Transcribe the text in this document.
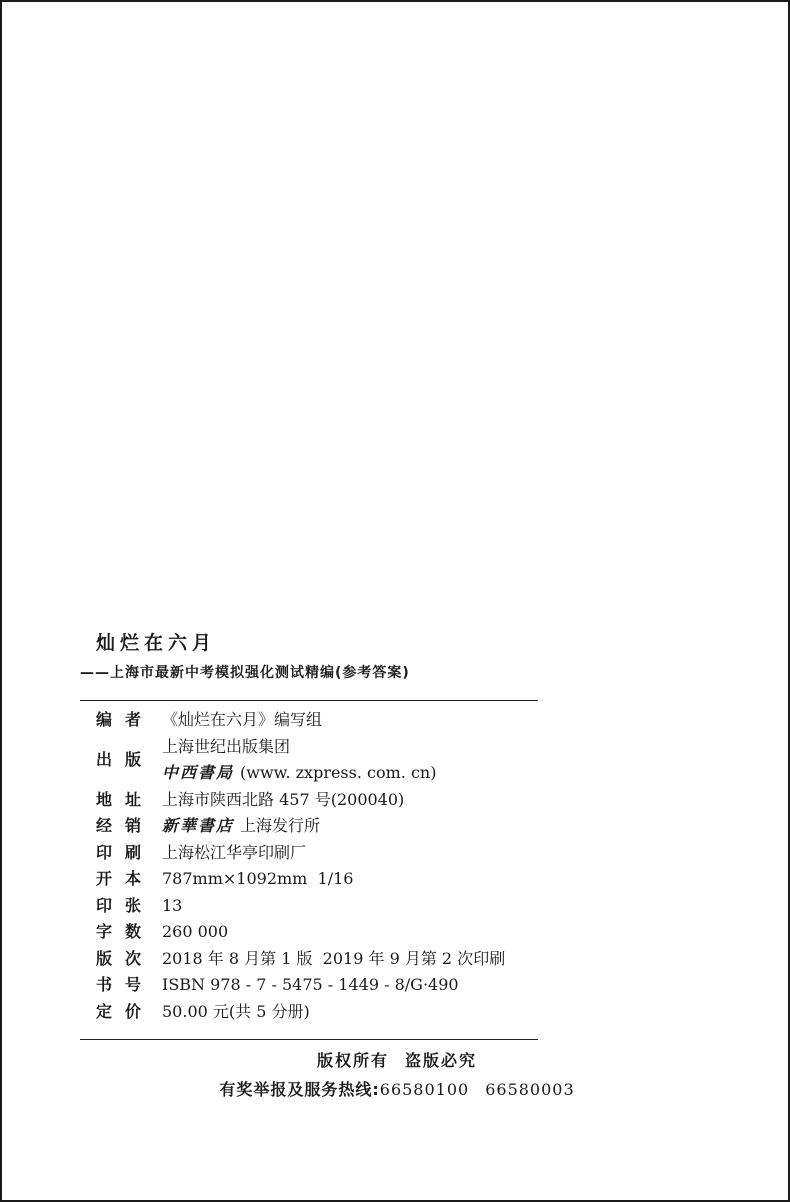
灿烂在六月
——上海市最新中考模拟强化测试精编(参考答案)
编者 《灿烂在六月》编写组
出版
上海世纪出版集团
中西書局 (www. zxpress. com. cn)
地址 上海市陕西北路 457 号(200040)
经销 新華書店 上海发行所
印刷 上海松江华亭印刷厂
开本 787mm×1092mm  1/16
印张 13
字数 260 000
版次 2018 年 8 月第 1 版  2019 年 9 月第 2 次印刷
书号 ISBN 978 - 7 - 5475 - 1449 - 8/G·490
定价 50.00 元(共 5 分册)
版权所有 盗版必究
有奖举报及服务热线:66580100 66580003
